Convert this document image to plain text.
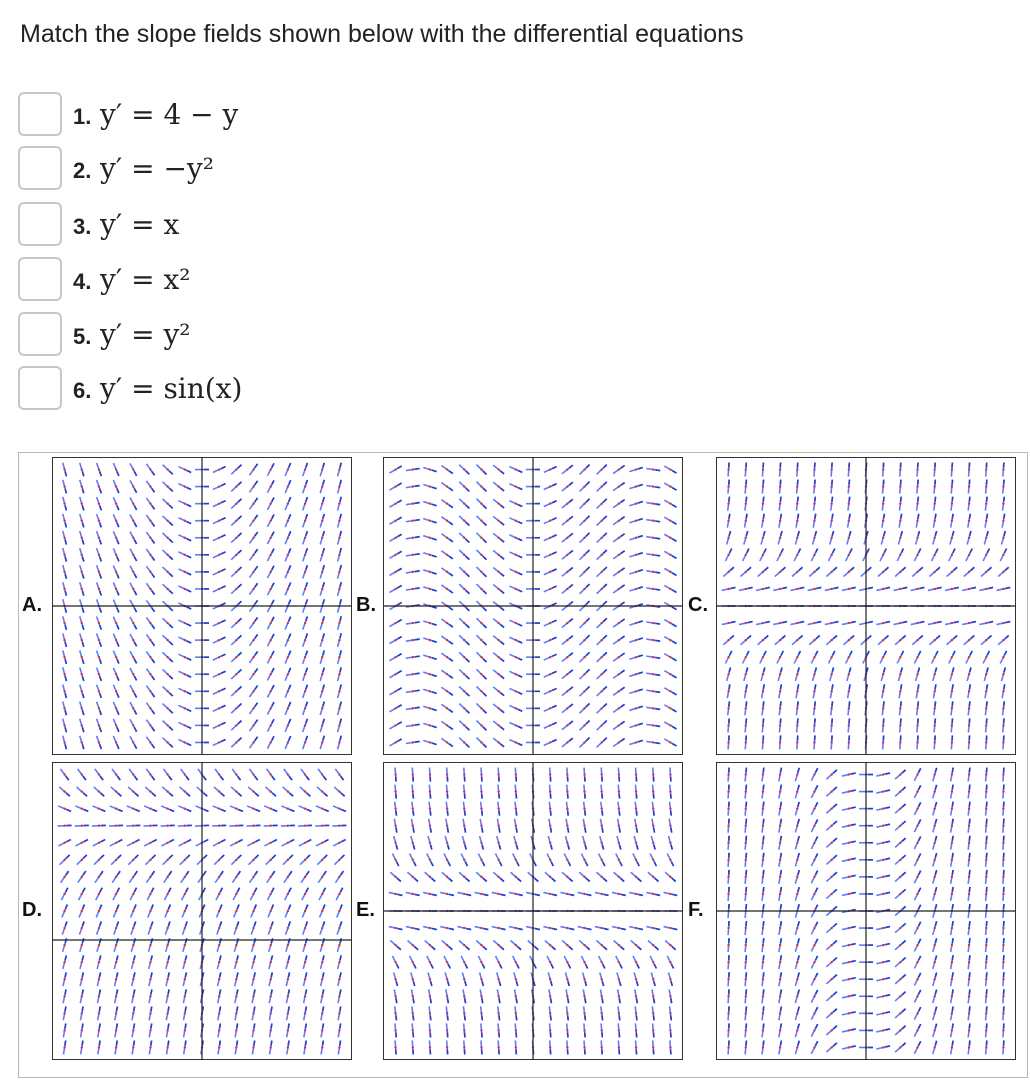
Match the slope fields shown below with the differential equations
1. y′ = 4 − y
2. y′ = −y²
3. y′ = x
4. y′ = x²
5. y′ = y²
6. y′ = sin(x)
A.	B.	C.
D.	E.	F.
